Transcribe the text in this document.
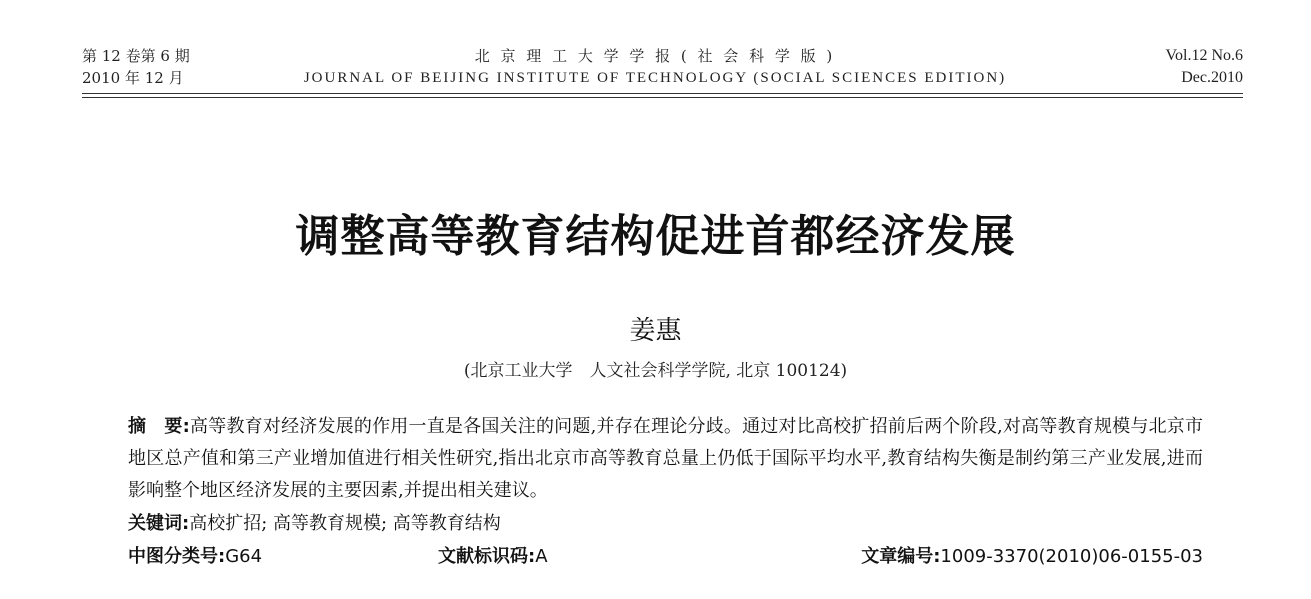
第 12 卷第 6 期
2010 年 12 月
北 京 理 工 大 学 学 报 ( 社 会 科 学 版 )
JOURNAL OF BEIJING INSTITUTE OF TECHNOLOGY (SOCIAL SCIENCES EDITION)
Vol.12 No.6
Dec.2010
调整高等教育结构促进首都经济发展
姜惠
(北京工业大学　人文社会科学学院, 北京 100124)
摘　要:高等教育对经济发展的作用一直是各国关注的问题,并存在理论分歧。通过对比高校扩招前后两个阶段,对高等教育规模与北京市地区总产值和第三产业增加值进行相关性研究,指出北京市高等教育总量上仍低于国际平均水平,教育结构失衡是制约第三产业发展,进而影响整个地区经济发展的主要因素,并提出相关建议。
关键词:高校扩招; 高等教育规模; 高等教育结构
中图分类号:G64	文献标识码:A	文章编号:1009-3370(2010)06-0155-03
